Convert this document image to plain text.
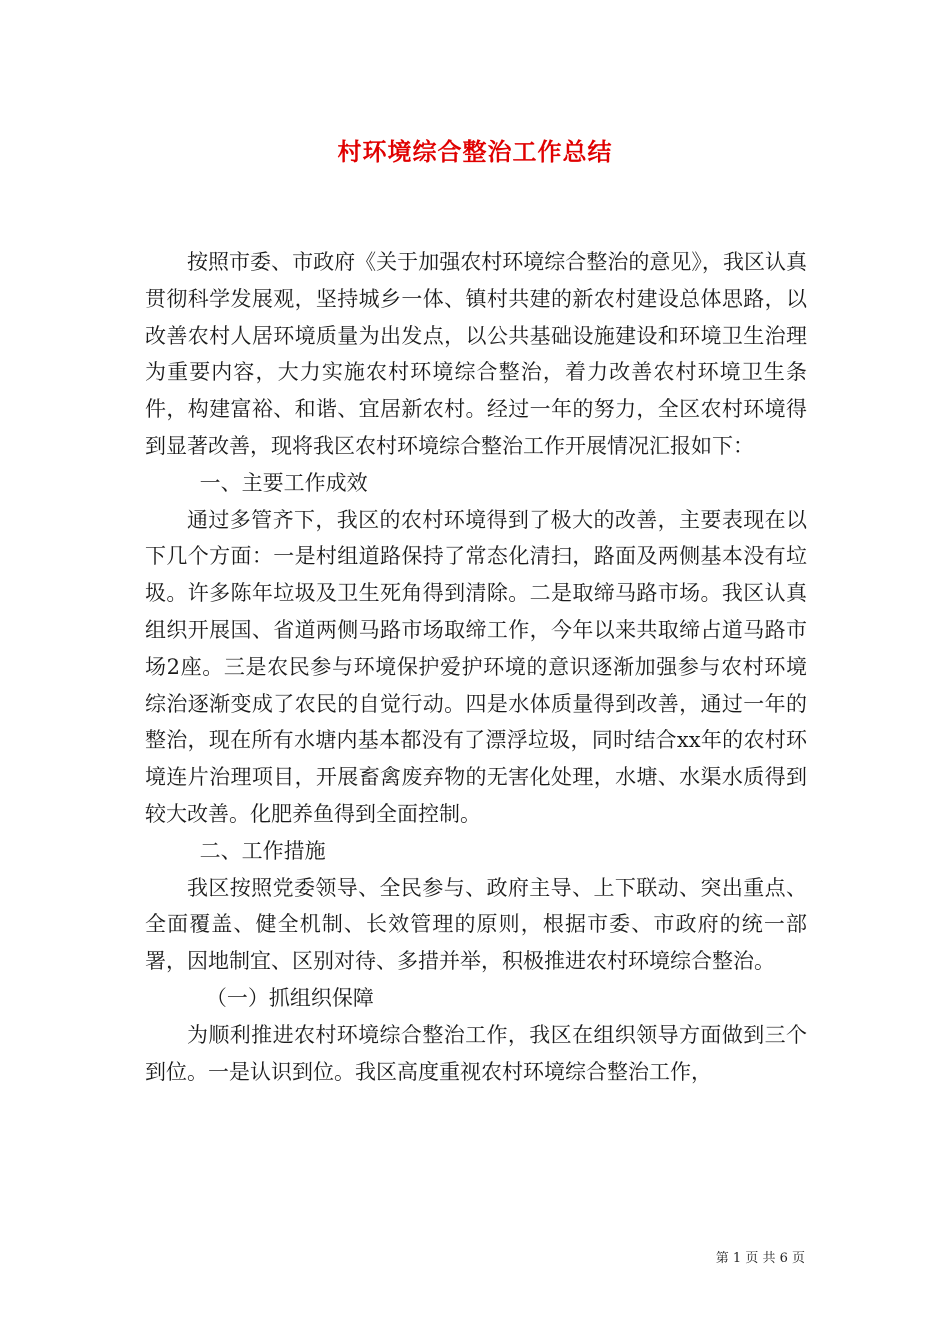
村环境综合整治工作总结

按照市委、市政府《关于加强农村环境综合整治的意见》，我区认真贯彻科学发展观，坚持城乡一体、镇村共建的新农村建设总体思路，以改善农村人居环境质量为出发点，以公共基础设施建设和环境卫生治理为重要内容，大力实施农村环境综合整治，着力改善农村环境卫生条件，构建富裕、和谐、宜居新农村。经过一年的努力，全区农村环境得到显著改善，现将我区农村环境综合整治工作开展情况汇报如下：

一、主要工作成效

通过多管齐下，我区的农村环境得到了极大的改善，主要表现在以下几个方面：一是村组道路保持了常态化清扫，路面及两侧基本没有垃圾。许多陈年垃圾及卫生死角得到清除。二是取缔马路市场。我区认真组织开展国、省道两侧马路市场取缔工作，今年以来共取缔占道马路市场2座。三是农民参与环境保护爱护环境的意识逐渐加强参与农村环境综治逐渐变成了农民的自觉行动。四是水体质量得到改善，通过一年的整治，现在所有水塘内基本都没有了漂浮垃圾，同时结合xx年的农村环境连片治理项目，开展畜禽废弃物的无害化处理，水塘、水渠水质得到较大改善。化肥养鱼得到全面控制。

二、工作措施

我区按照党委领导、全民参与、政府主导、上下联动、突出重点、全面覆盖、健全机制、长效管理的原则，根据市委、市政府的统一部署，因地制宜、区别对待、多措并举，积极推进农村环境综合整治。

（一）抓组织保障

为顺利推进农村环境综合整治工作，我区在组织领导方面做到三个到位。一是认识到位。我区高度重视农村环境综合整治工作，

第 1 页 共 6 页
